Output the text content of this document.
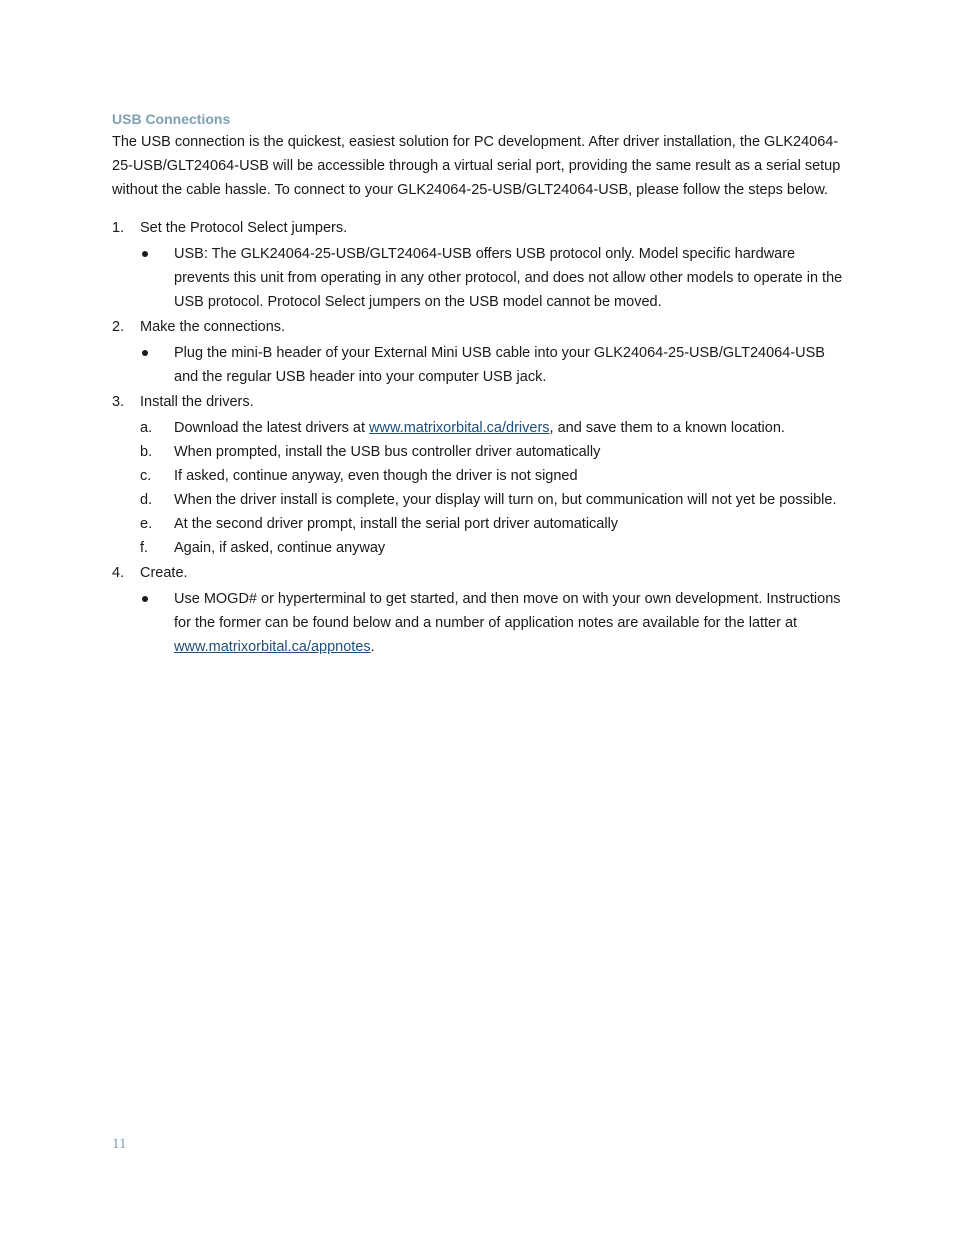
USB Connections

The USB connection is the quickest, easiest solution for PC development. After driver installation, the GLK24064-25-USB/GLT24064-USB will be accessible through a virtual serial port, providing the same result as a serial setup without the cable hassle. To connect to your GLK24064-25-USB/GLT24064-USB, please follow the steps below.

1. Set the Protocol Select jumpers.
USB: The GLK24064-25-USB/GLT24064-USB offers USB protocol only. Model specific hardware prevents this unit from operating in any other protocol, and does not allow other models to operate in the USB protocol. Protocol Select jumpers on the USB model cannot be moved.
2. Make the connections.
Plug the mini-B header of your External Mini USB cable into your GLK24064-25-USB/GLT24064-USB and the regular USB header into your computer USB jack.
3. Install the drivers.
a. Download the latest drivers at www.matrixorbital.ca/drivers, and save them to a known location.
b. When prompted, install the USB bus controller driver automatically
c. If asked, continue anyway, even though the driver is not signed
d. When the driver install is complete, your display will turn on, but communication will not yet be possible.
e. At the second driver prompt, install the serial port driver automatically
f. Again, if asked, continue anyway
4. Create.
Use MOGD# or hyperterminal to get started, and then move on with your own development. Instructions for the former can be found below and a number of application notes are available for the latter at www.matrixorbital.ca/appnotes.
11
